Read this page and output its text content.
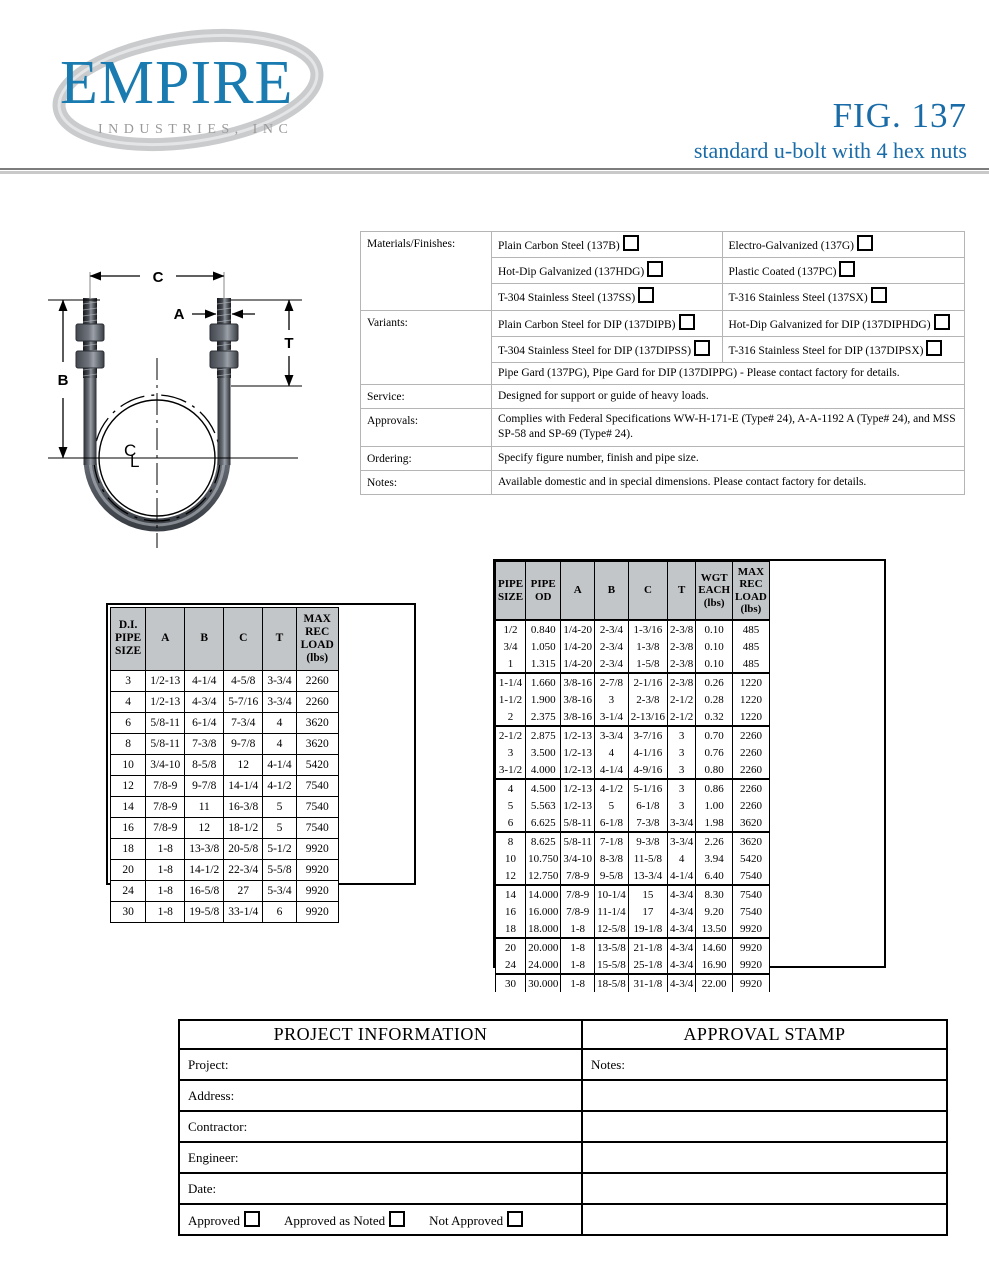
EMPIRE
INDUSTRIES, INC	FIG. 137
standard u-bolt with 4 hex nuts
C
B
A
T
C
L
Materials/Finishes:	Plain Carbon Steel (137B)	Electro-Galvanized (137G)
	Hot-Dip Galvanized (137HDG)	Plastic Coated (137PC)
	T-304 Stainless Steel (137SS)	T-316 Stainless Steel (137SX)
Variants:	Plain Carbon Steel for DIP (137DIPB)	Hot-Dip Galvanized for DIP (137DIPHDG)
	T-304 Stainless Steel for DIP (137DIPSS)	T-316 Stainless Steel for DIP (137DIPSX)
	Pipe Gard (137PG), Pipe Gard for DIP (137DIPPG) - Please contact factory for details.	
Service:	Designed for support or guide of heavy loads.	
Approvals:	Complies with Federal Specifications WW-H-171-E (Type# 24), A-A-1192 A (Type# 24), and MSS SP-58 and SP-69 (Type# 24).	
Ordering:	Specify figure number, finish and pipe size.	
Notes:	Available domestic and in special dimensions. Please contact factory for details.	
D.I.
PIPE
SIZE	A	B	C	T	MAX
REC
LOAD
(lbs)
3	1/2-13	4-1/4	4-5/8	3-3/4	2260
4	1/2-13	4-3/4	5-7/16	3-3/4	2260
6	5/8-11	6-1/4	7-3/4	4	3620
8	5/8-11	7-3/8	9-7/8	4	3620
10	3/4-10	8-5/8	12	4-1/4	5420
12	7/8-9	9-7/8	14-1/4	4-1/2	7540
14	7/8-9	11	16-3/8	5	7540
16	7/8-9	12	18-1/2	5	7540
18	1-8	13-3/8	20-5/8	5-1/2	9920
20	1-8	14-1/2	22-3/4	5-5/8	9920
24	1-8	16-5/8	27	5-3/4	9920
30	1-8	19-5/8	33-1/4	6	9920
PIPE
SIZE	PIPE
OD	A	B	C	T	WGT
EACH
(lbs)	MAX
REC
LOAD
(lbs)
1/2	0.840	1/4-20	2-3/4	1-3/16	2-3/8	0.10	485
3/4	1.050	1/4-20	2-3/4	1-3/8	2-3/8	0.10	485
1	1.315	1/4-20	2-3/4	1-5/8	2-3/8	0.10	485
1-1/4	1.660	3/8-16	2-7/8	2-1/16	2-3/8	0.26	1220
1-1/2	1.900	3/8-16	3	2-3/8	2-1/2	0.28	1220
2	2.375	3/8-16	3-1/4	2-13/16	2-1/2	0.32	1220
2-1/2	2.875	1/2-13	3-3/4	3-7/16	3	0.70	2260
3	3.500	1/2-13	4	4-1/16	3	0.76	2260
3-1/2	4.000	1/2-13	4-1/4	4-9/16	3	0.80	2260
4	4.500	1/2-13	4-1/2	5-1/16	3	0.86	2260
5	5.563	1/2-13	5	6-1/8	3	1.00	2260
6	6.625	5/8-11	6-1/8	7-3/8	3-3/4	1.98	3620
8	8.625	5/8-11	7-1/8	9-3/8	3-3/4	2.26	3620
10	10.750	3/4-10	8-3/8	11-5/8	4	3.94	5420
12	12.750	7/8-9	9-5/8	13-3/4	4-1/4	6.40	7540
14	14.000	7/8-9	10-1/4	15	4-3/4	8.30	7540
16	16.000	7/8-9	11-1/4	17	4-3/4	9.20	7540
18	18.000	1-8	12-5/8	19-1/8	4-3/4	13.50	9920
20	20.000	1-8	13-5/8	21-1/8	4-3/4	14.60	9920
24	24.000	1-8	15-5/8	25-1/8	4-3/4	16.90	9920
30	30.000	1-8	18-5/8	31-1/8	4-3/4	22.00	9920
PROJECT INFORMATION	APPROVAL STAMP
Project:	Notes:
Address:	
Contractor:	
Engineer:	
Date:	
Approved Approved as Noted Not Approved	
